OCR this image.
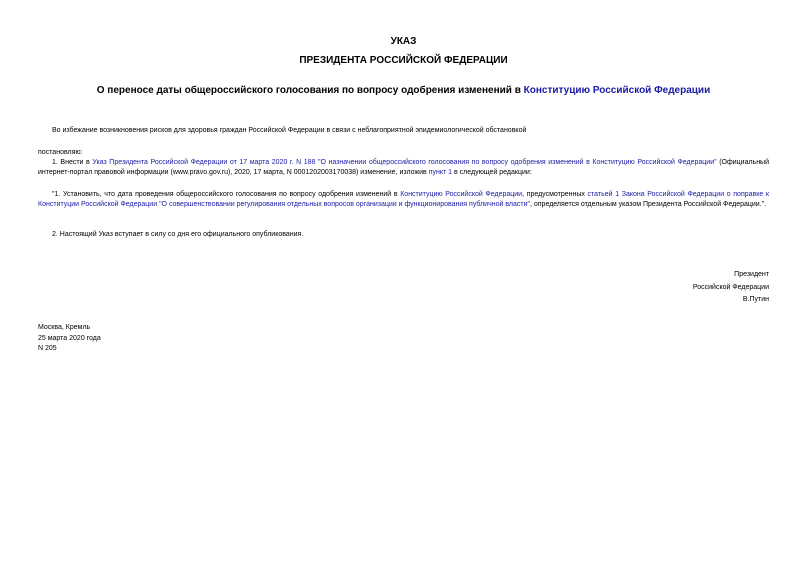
УКАЗ
ПРЕЗИДЕНТА РОССИЙСКОЙ ФЕДЕРАЦИИ
О переносе даты общероссийского голосования по вопросу одобрения изменений в Конституцию Российской Федерации
Во избежание возникновения рисков для здоровья граждан Российской Федерации в связи с неблагоприятной эпидемиологической обстановкой
постановляю:
1. Внести в Указ Президента Российской Федерации от 17 марта 2020 г. N 188 "О назначении общероссийского голосования по вопросу одобрения изменений в Конституцию Российской Федерации" (Официальный интернет-портал правовой информации (www.pravo.gov.ru), 2020, 17 марта, N 0001202003170038) изменение, изложив пункт 1 в следующей редакции:
"1. Установить, что дата проведения общероссийского голосования по вопросу одобрения изменений в Конституцию Российской Федерации, предусмотренных статьей 1 Закона Российской Федерации о поправке к Конституции Российской Федерации "О совершенствовании регулирования отдельных вопросов организации и функционирования публичной власти", определяется отдельным указом Президента Российской Федерации.".
2. Настоящий Указ вступает в силу со дня его официального опубликования.
Президент
Российской Федерации
В.Путин
Москва, Кремль
25 марта 2020 года
N 205
